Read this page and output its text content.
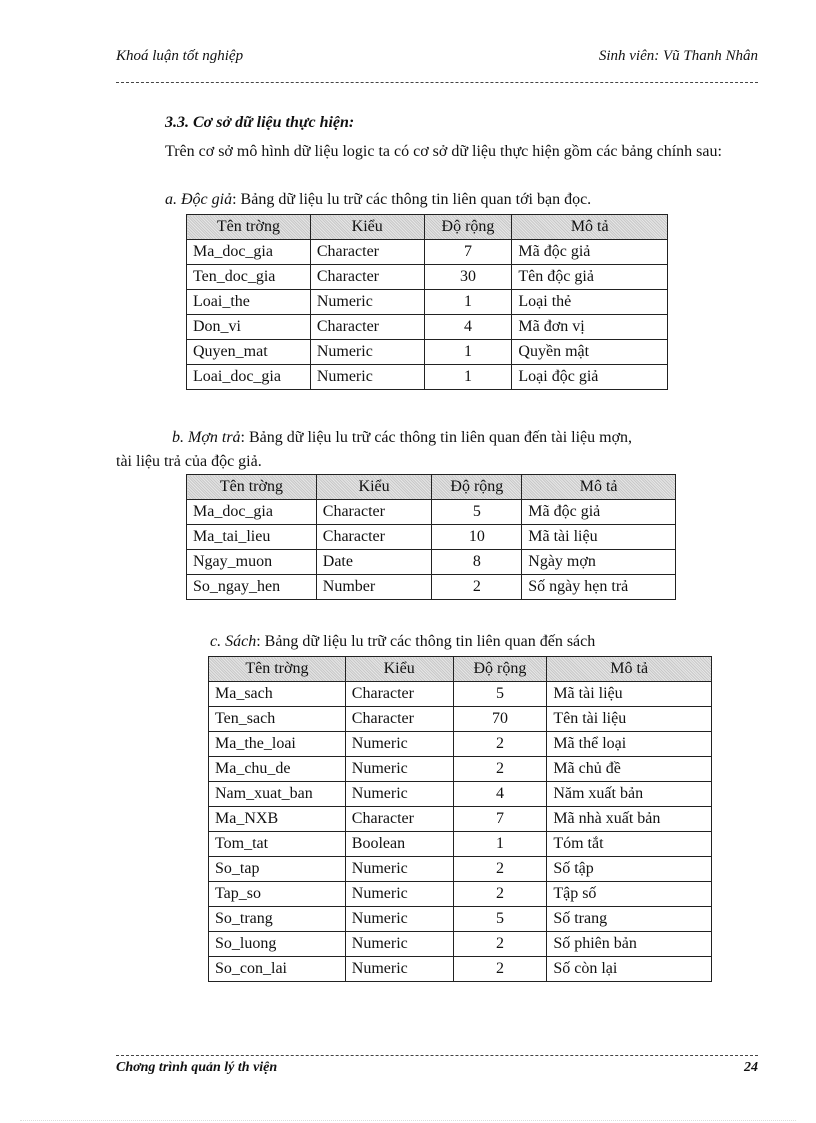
Khoá luận tốt nghiệp	Sinh viên: Vũ Thanh Nhân
3.3. Cơ sở dữ liệu thực hiện:
Trên cơ sở mô hình dữ liệu logic ta có cơ sở dữ liệu thực hiện gồm các bảng chính sau:
a. Độc giả: Bảng dữ liệu lu trữ các thông tin liên quan tới bạn đọc.
Tên trờng	Kiểu	Độ rộng	Mô tả
Ma_doc_gia	Character	7	Mã độc giả
Ten_doc_gia	Character	30	Tên độc giả
Loai_the	Numeric	1	Loại thẻ
Don_vi	Character	4	Mã đơn vị
Quyen_mat	Numeric	1	Quyền mật
Loai_doc_gia	Numeric	1	Loại độc giả
b. Mợn trả: Bảng dữ liệu lu trữ các thông tin liên quan đến tài liệu mợn,
tài liệu trả của độc giả.
Tên trờng	Kiểu	Độ rộng	Mô tả
Ma_doc_gia	Character	5	Mã độc giả
Ma_tai_lieu	Character	10	Mã tài liệu
Ngay_muon	Date	8	Ngày mợn
So_ngay_hen	Number	2	Số ngày hẹn trả
c. Sách: Bảng dữ liệu lu trữ các thông tin liên quan đến sách
Tên trờng	Kiểu	Độ rộng	Mô tả
Ma_sach	Character	5	Mã tài liệu
Ten_sach	Character	70	Tên tài liệu
Ma_the_loai	Numeric	2	Mã thể loại
Ma_chu_de	Numeric	2	Mã chủ đề
Nam_xuat_ban	Numeric	4	Năm xuất bản
Ma_NXB	Character	7	Mã nhà xuất bản
Tom_tat	Boolean	1	Tóm tắt
So_tap	Numeric	2	Số tập
Tap_so	Numeric	2	Tập số
So_trang	Numeric	5	Số trang
So_luong	Numeric	2	Số phiên bản
So_con_lai	Numeric	2	Số còn lại
Chơng trình quản lý th viện	24
